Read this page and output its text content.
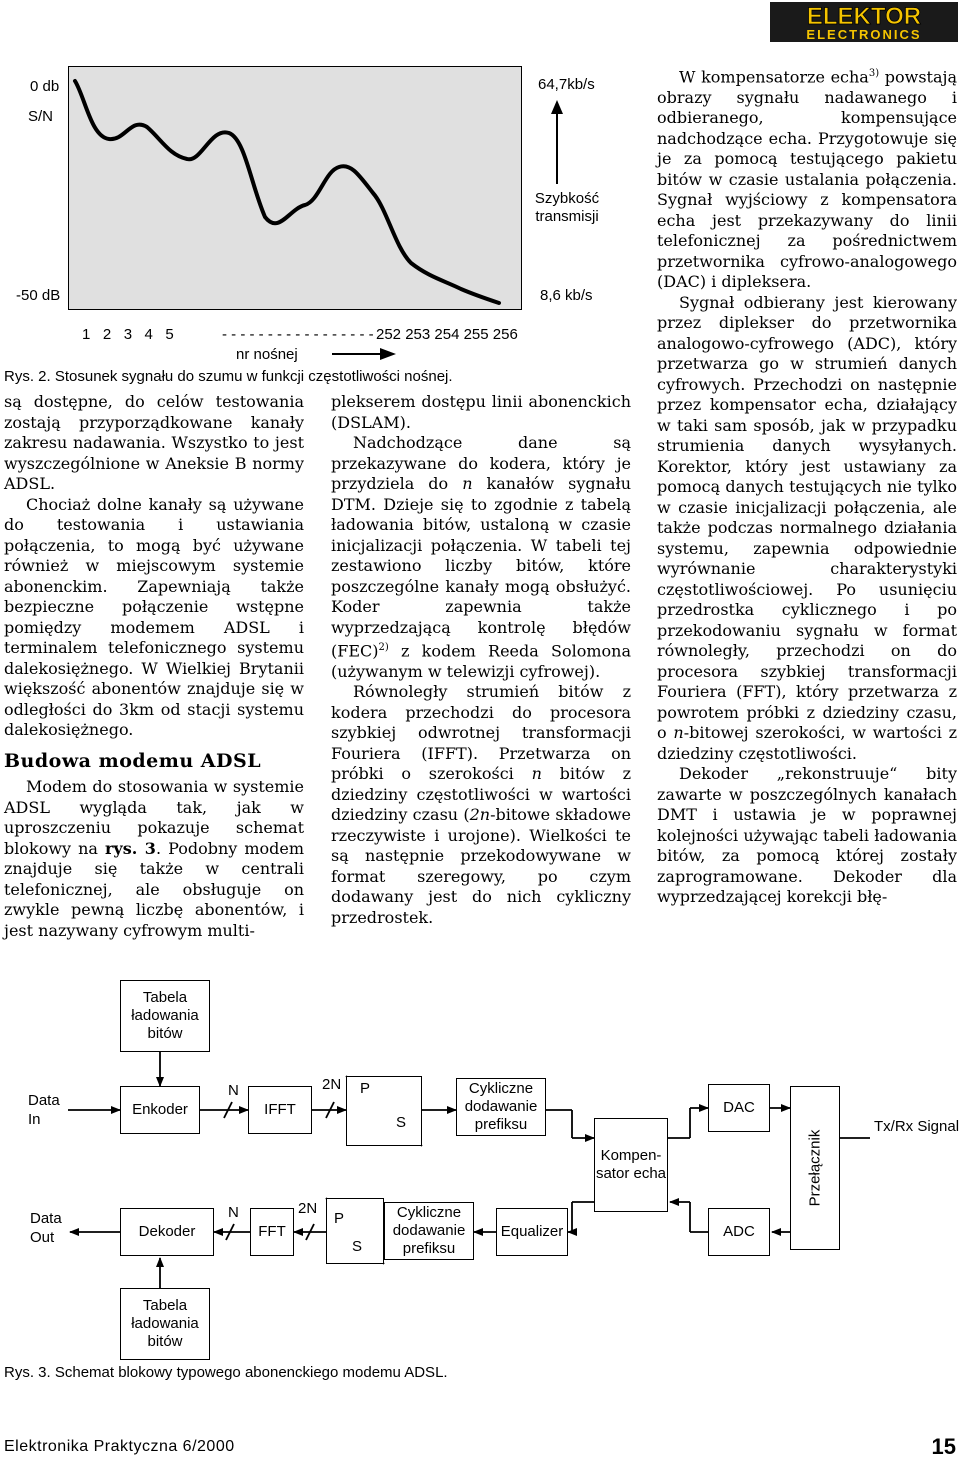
ELEKTOR
ELECTRONICS
0 db
S/N
-50 dB
64,7kb/s
Szybkość
transmisji
8,6 kb/s
1   2   3   4   5	- - - - - - - - - - - - - - - - - 252 253 254 255 256
nr nośnej
Rys. 2. Stosunek sygnału do szumu w funkcji częstotliwości nośnej.

są dostępne, do celów testowania zostają przyporządkowane kanały zakresu nadawania. Wszystko to jest wyszczególnione w Aneksie B normy ADSL.

Chociaż dolne kanały są używane do testowania i ustawiania połączenia, to mogą być używane również w miejscowym systemie abonenckim. Zapewniają także bezpieczne połączenie wstępne pomiędzy modemem ADSL i terminalem telefonicznego systemu dalekosiężnego. W Wielkiej Brytanii większość abonentów znajduje się w odległości do 3km od stacji systemu dalekosiężnego.

Budowa modemu ADSL

Modem do stosowania w systemie ADSL wygląda tak, jak w uproszczeniu pokazuje schemat blokowy na rys. 3. Podobny modem znajduje się także w centrali telefonicznej, ale obsługuje on zwykle pewną liczbę abonentów, i jest nazywany cyfrowym multi-

plekserem dostępu linii abonenckich (DSLAM).

Nadchodzące dane są przekazywane do kodera, który je przydziela do n kanałów sygnału DTM. Dzieje się to zgodnie z tabelą ładowania bitów, ustaloną w czasie inicjalizacji połączenia. W tabeli tej zestawiono liczby bitów, które poszczególne kanały mogą obsłużyć. Koder zapewnia także wyprzedzającą kontrolę błędów (FEC)$^{2)}$ z kodem Reeda Solomona (używanym w telewizji cyfrowej).

Równoległy strumień bitów z kodera przechodzi do procesora szybkiej odwrotnej transformacji Fouriera (IFFT). Przetwarza on próbki o szerokości n bitów z dziedziny częstotliwości w wartości dziedziny czasu (2n-bitowe składowe rzeczywiste i urojone). Wielkości te są następnie przekodowywane w format szeregowy, po czym dodawany jest do nich cykliczny przedrostek.

W kompensatorze echa$^{3)}$ powstają obrazy sygnału nadawanego i odbieranego, kompensujące nadchodzące echa. Przygotowuje się je za pomocą testującego pakietu bitów w czasie ustalania połączenia. Sygnał wyjściowy z kompensatora echa jest przekazywany do linii telefonicznej za pośrednictwem przetwornika cyfrowo-analogowego (DAC) i dipleksera.

Sygnał odbierany jest kierowany przez diplekser do przetwornika analogowo-cyfrowego (ADC), który przetwarza go w strumień danych cyfrowych. Przechodzi on następnie przez kompensator echa, działający w taki sam sposób, jak w przypadku strumienia danych wysyłanych. Korektor, który jest ustawiany za pomocą danych testujących nie tylko w czasie inicjalizacji połączenia, ale także podczas normalnego działania systemu, zapewnia odpowiednie wyrównanie charakterystyki częstotliwościowej. Po usunięciu przedrostka cyklicznego i po przekodowaniu sygnału w format równoległy, przechodzi on do procesora szybkiej transformacji Fouriera (FFT), który przetwarza z powrotem próbki z dziedziny czasu, o n-bitowej szerokości, w wartości z dziedziny częstotliwości.

Dekoder „rekonstruuje“ bity zawarte w poszczególnych kanałach DMT i ustawia je w poprawnej kolejności używając tabeli ładowania bitów, za pomocą której zostały zaprogramowane. Dekoder dla wyprzedzającej korekcji błę-

Tabela ładowania bitów
Enkoder	IFFT
P
S
Cykliczne dodawanie prefiksu
Kompen- sator echa
DAC
ADC
Przełącznik
Tx/Rx Signal
Data In
N	2N
Dekoder	FFT
P
S
Cykliczne dodawanie prefiksu
Equalizer
Tabela ładowania bitów
Data Out
N	2N
Rys. 3. Schemat blokowy typowego abonenckiego modemu ADSL.
Elektronika Praktyczna 6/2000	15
